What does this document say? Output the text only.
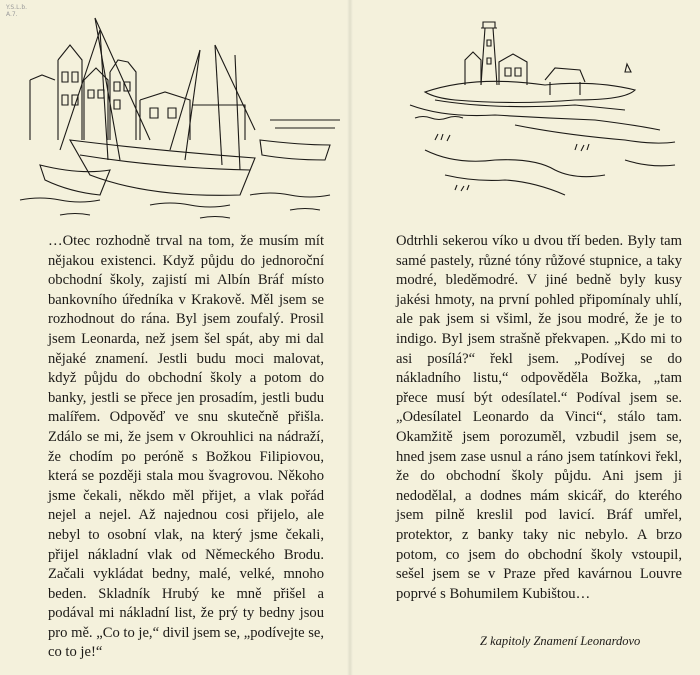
Y.S.L.b.
A.7.

…Otec rozhodně trval na tom, že musím mít nějakou existenci. Když půjdu do jednoroční obchodní školy, zajistí mi Albín Bráf místo bankovního úředníka v Krakově. Měl jsem se rozhodnout do rána. Byl jsem zoufalý. Prosil jsem Leonarda, než jsem šel spát, aby mi dal nějaké znamení. Jestli budu moci malovat, když půjdu do obchodní školy a potom do banky, jestli se přece jen prosadím, jestli budu malířem. Odpověď ve snu skutečně přišla. Zdálo se mi, že jsem v Okrouhlici na nádraží, že chodím po peróně s Božkou Filipiovou, která se později stala mou švagrovou. Někoho jsme čekali, někdo měl přijet, a vlak pořád nejel a nejel. Až najednou cosi přijelo, ale nebyl to osobní vlak, na který jsme čekali, přijel nákladní vlak od Německého Brodu. Začali vykládat bedny, malé, velké, mnoho beden. Skladník Hrubý ke mně přišel a podával mi nákladní list, že prý ty bedny jsou pro mě. „Co to je,“ divil jsem se, „podívejte se, co to je!“

Odtrhli sekerou víko u dvou tří beden. Byly tam samé pastely, různé tóny růžové stupnice, a taky modré, bleděmodré. V jiné bedně byly kusy jakési hmoty, na první pohled připomínaly uhlí, ale pak jsem si všiml, že jsou modré, že je to indigo. Byl jsem strašně překvapen. „Kdo mi to asi posílá?“ řekl jsem. „Podívej se do nákladního listu,“ odpověděla Božka, „tam přece musí být odesílatel.“ Podíval jsem se. „Odesílatel Leonardo da Vinci“, stálo tam. Okamžitě jsem porozuměl, vzbudil jsem se, hned jsem zase usnul a ráno jsem tatínkovi řekl, že do obchodní školy půjdu. Ani jsem ji nedodělal, a dodnes mám skicář, do kterého jsem pilně kreslil pod lavicí. Bráf umřel, protektor, z banky taky nic nebylo. A brzo potom, co jsem do obchodní školy vstoupil, sešel jsem se v Praze před kavárnou Louvre poprvé s Bohumilem Kubištou…

Z kapitoly Znamení Leonardovo
